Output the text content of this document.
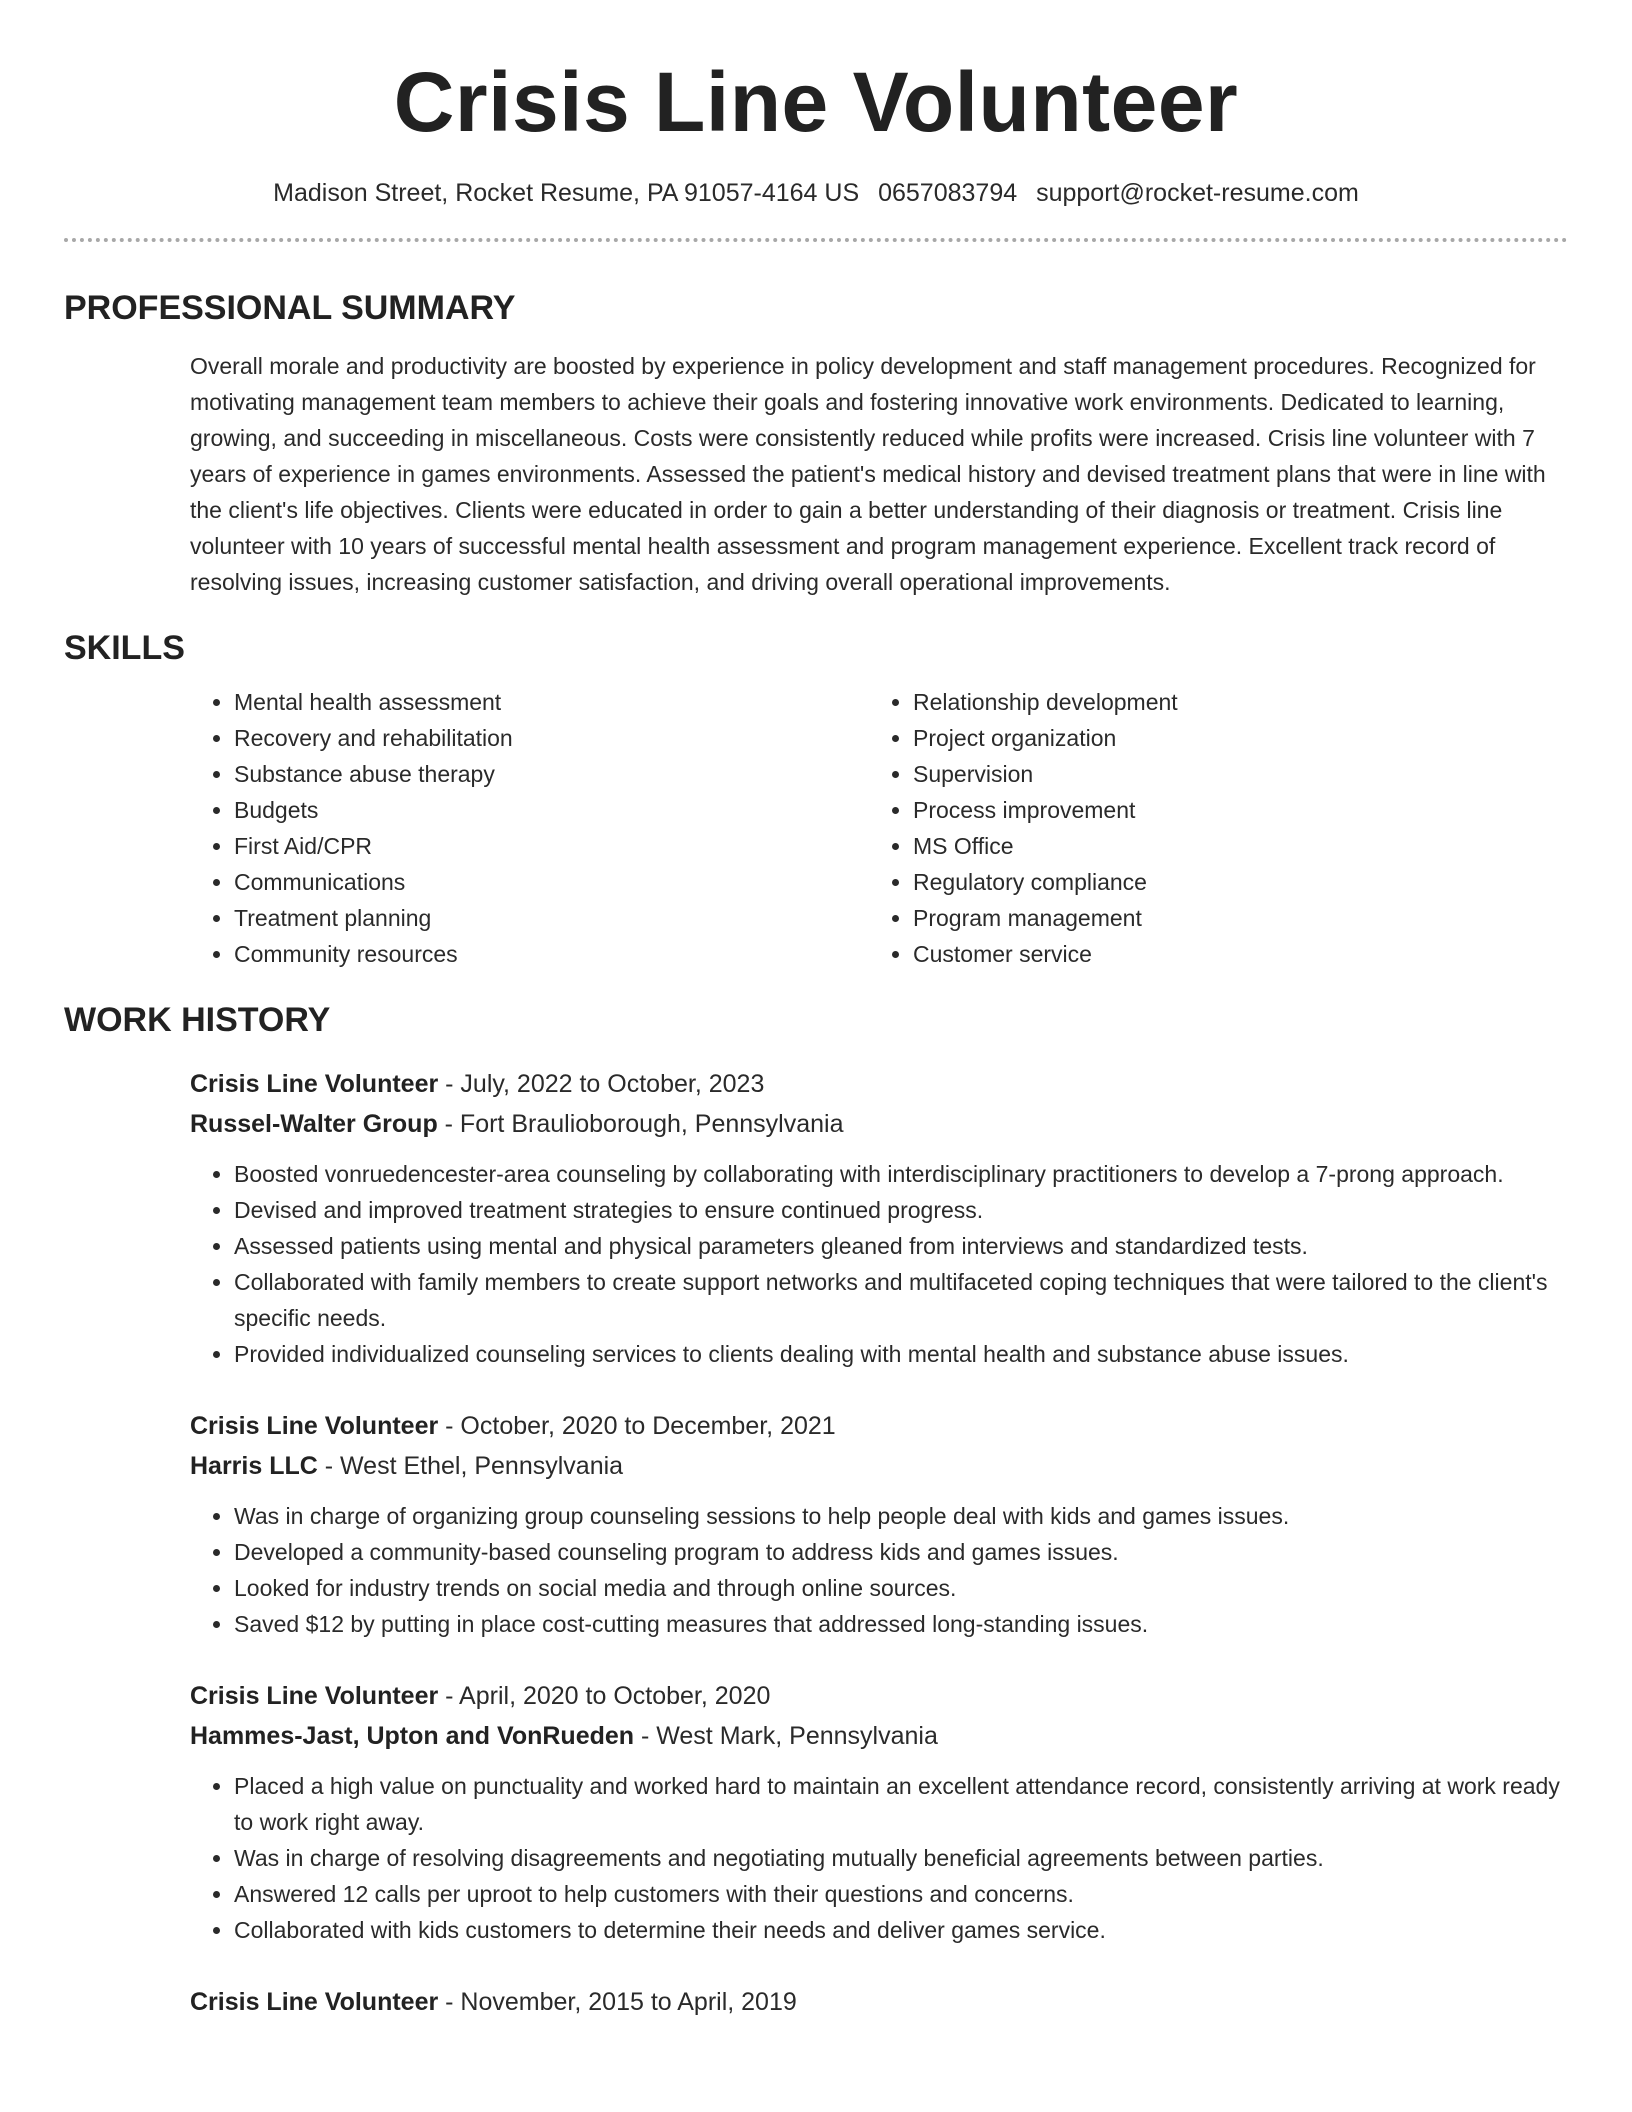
Crisis Line Volunteer
Madison Street, Rocket Resume, PA 91057-4164 US 0657083794 support@rocket-resume.com
PROFESSIONAL SUMMARY
Overall morale and productivity are boosted by experience in policy development and staff management procedures. Recognized for motivating management team members to achieve their goals and fostering innovative work environments. Dedicated to learning, growing, and succeeding in miscellaneous. Costs were consistently reduced while profits were increased. Crisis line volunteer with 7 years of experience in games environments. Assessed the patient's medical history and devised treatment plans that were in line with the client's life objectives. Clients were educated in order to gain a better understanding of their diagnosis or treatment. Crisis line volunteer with 10 years of successful mental health assessment and program management experience. Excellent track record of resolving issues, increasing customer satisfaction, and driving overall operational improvements.
SKILLS
• Mental health assessment
• Recovery and rehabilitation
• Substance abuse therapy
• Budgets
• First Aid/CPR
• Communications
• Treatment planning
• Community resources
• Relationship development
• Project organization
• Supervision
• Process improvement
• MS Office
• Regulatory compliance
• Program management
• Customer service
WORK HISTORY
Crisis Line Volunteer - July, 2022 to October, 2023
Russel-Walter Group - Fort Braulioborough, Pennsylvania
• Boosted vonruedencester-area counseling by collaborating with interdisciplinary practitioners to develop a 7-prong approach.
• Devised and improved treatment strategies to ensure continued progress.
• Assessed patients using mental and physical parameters gleaned from interviews and standardized tests.
• Collaborated with family members to create support networks and multifaceted coping techniques that were tailored to the client's specific needs.
• Provided individualized counseling services to clients dealing with mental health and substance abuse issues.
Crisis Line Volunteer - October, 2020 to December, 2021
Harris LLC - West Ethel, Pennsylvania
• Was in charge of organizing group counseling sessions to help people deal with kids and games issues.
• Developed a community-based counseling program to address kids and games issues.
• Looked for industry trends on social media and through online sources.
• Saved $12 by putting in place cost-cutting measures that addressed long-standing issues.
Crisis Line Volunteer - April, 2020 to October, 2020
Hammes-Jast, Upton and VonRueden - West Mark, Pennsylvania
• Placed a high value on punctuality and worked hard to maintain an excellent attendance record, consistently arriving at work ready to work right away.
• Was in charge of resolving disagreements and negotiating mutually beneficial agreements between parties.
• Answered 12 calls per uproot to help customers with their questions and concerns.
• Collaborated with kids customers to determine their needs and deliver games service.
Crisis Line Volunteer - November, 2015 to April, 2019
